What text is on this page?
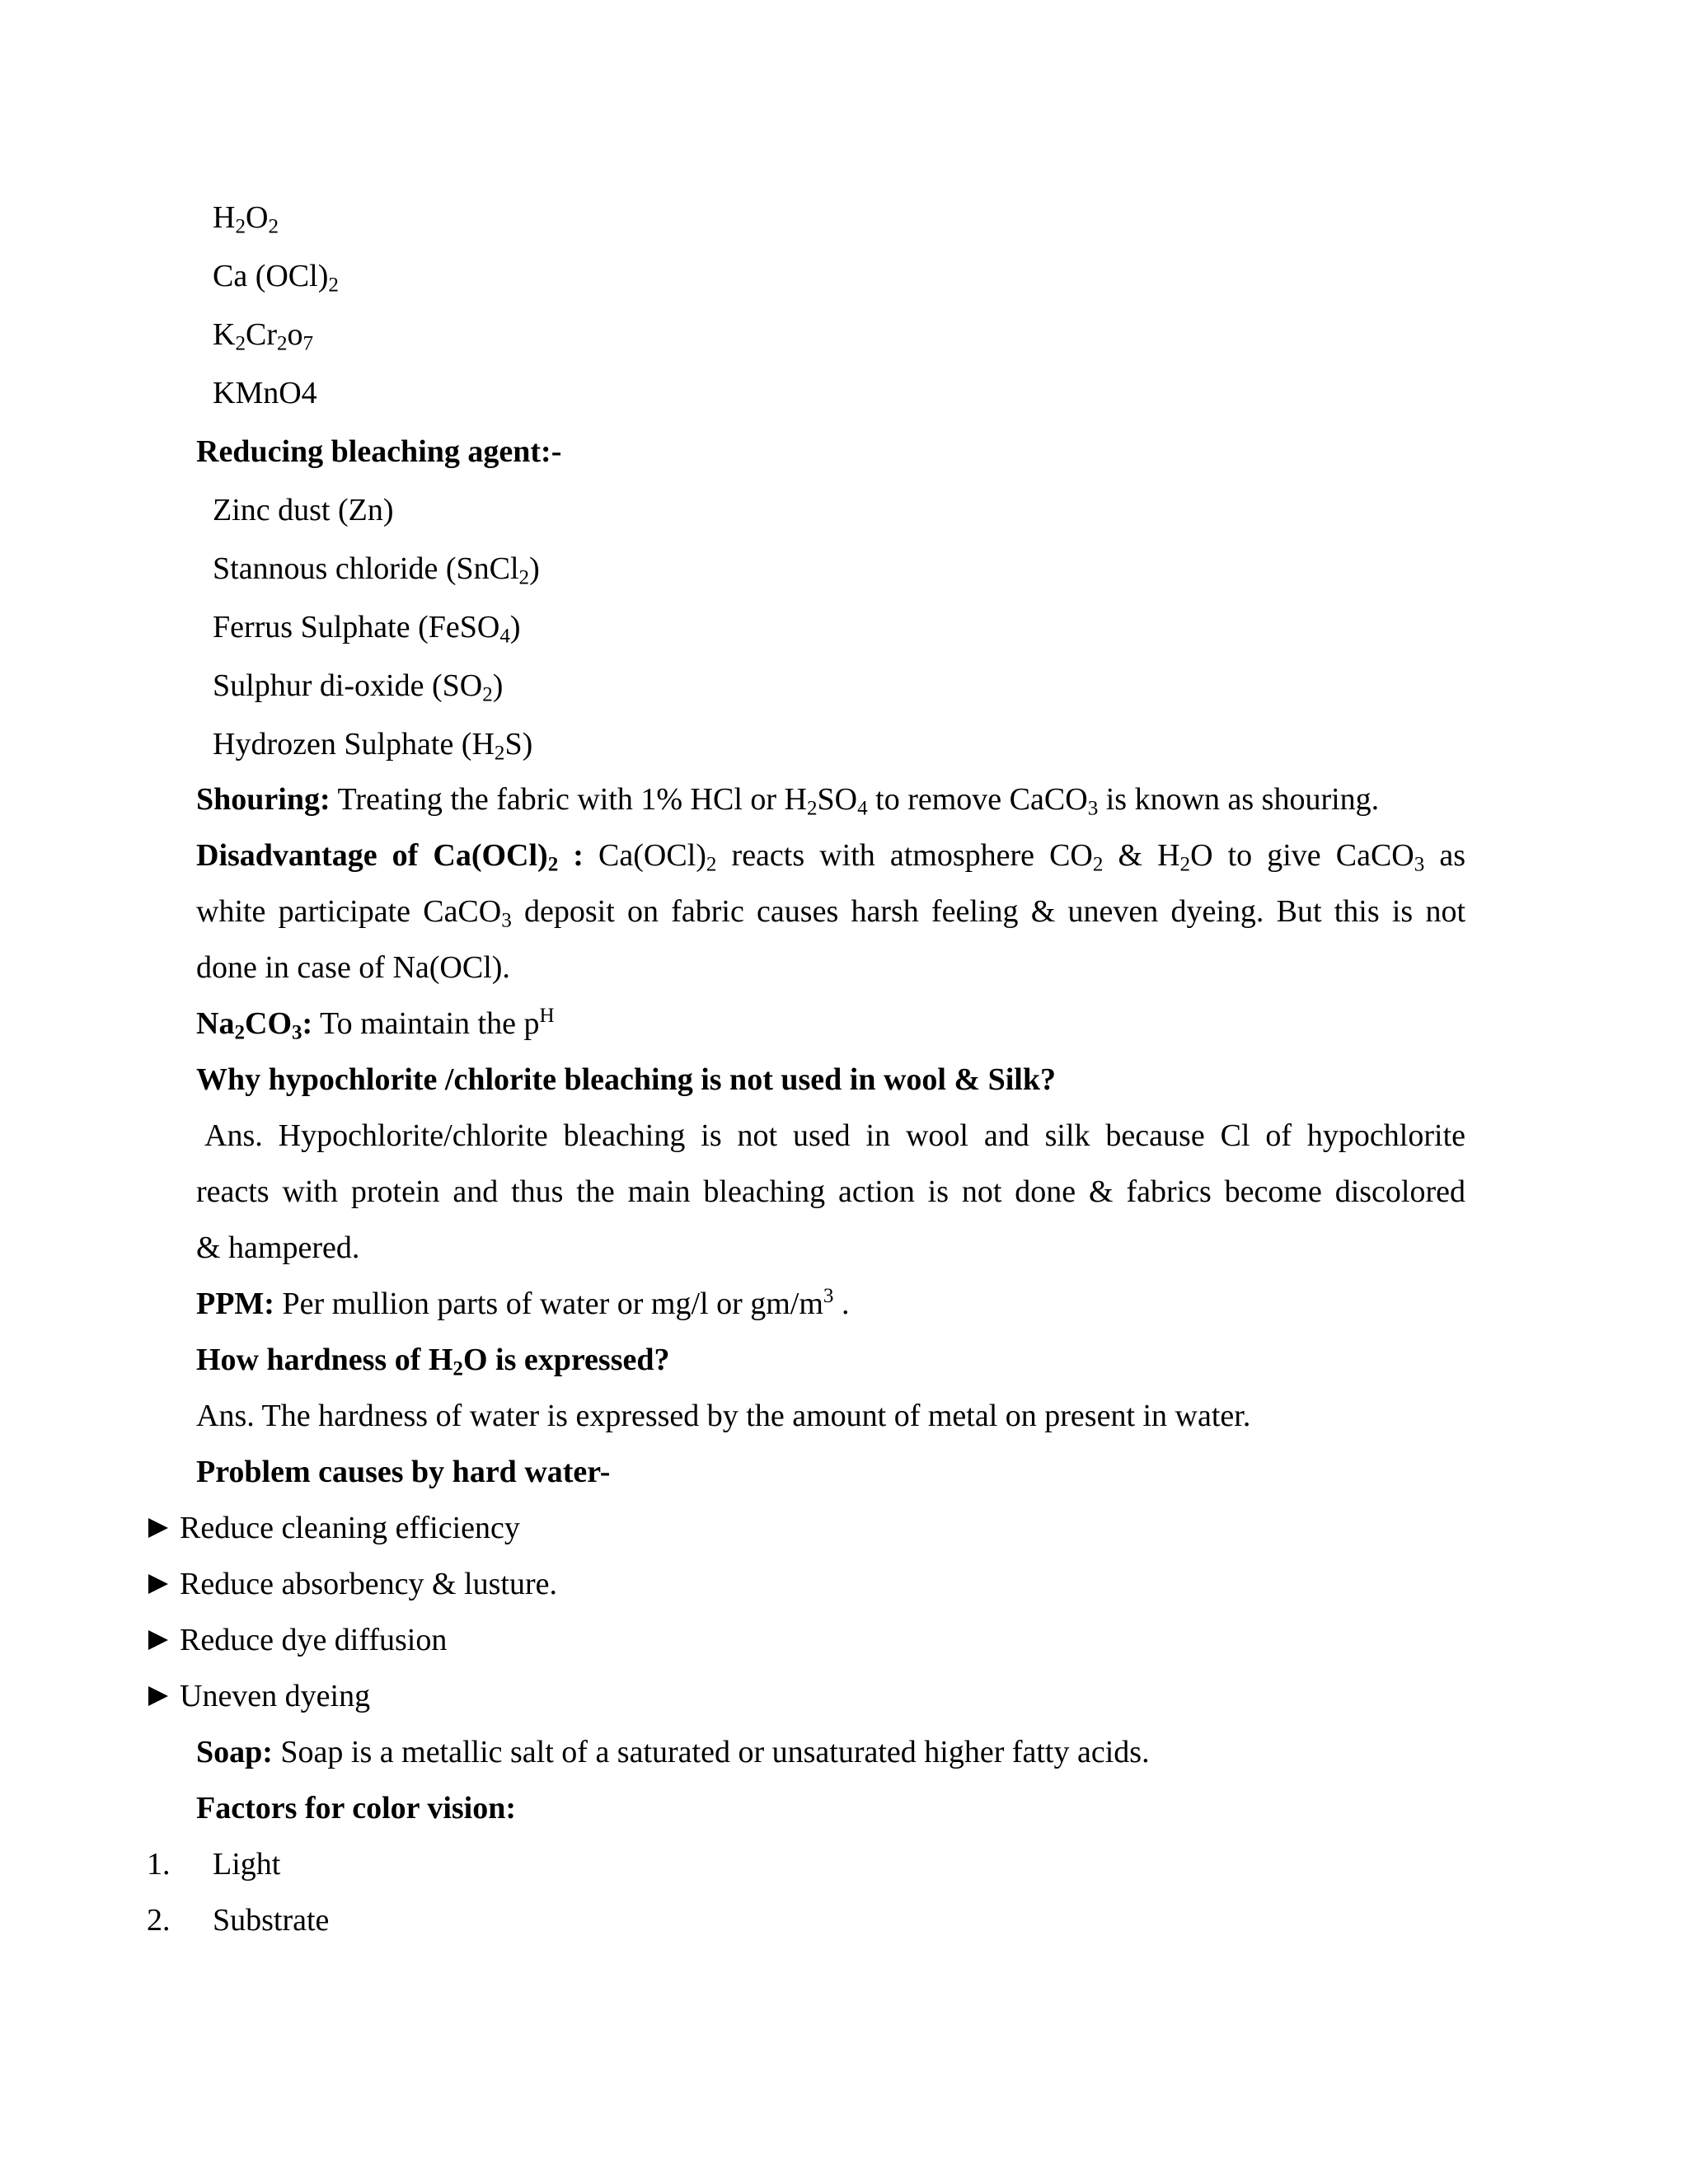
$H_2O_2$
Ca $(OCl)_2$
$K_2Cr_2o_7$
KMnO4
Reducing bleaching agent:-
Zinc dust (Zn)
Stannous chloride (SnCl$_2$)
Ferrus Sulphate (FeSO$_4$)
Sulphur di-oxide $(SO_2)$
Hydrozen Sulphate $(H_2S)$
Shouring: Treating the fabric with 1% HCl or $H_2SO_4$ to remove CaCO$_3$ is known as shouring.
Disadvantage of $Ca(OCl)_2$ : $Ca(OCl)_2$ reacts with atmosphere $CO_2$ & $H_2O$ to give CaCO$_3$ as
white participate CaCO$_3$ deposit on fabric causes harsh feeling & uneven dyeing. But this is not
done in case of Na(OCl).
$Na_2CO_3$: To maintain the $p^H$
Why hypochlorite /chlorite bleaching is not used in wool & Silk?
Ans. Hypochlorite/chlorite bleaching is not used in wool and silk because Cl of hypochlorite
reacts with protein and thus the main bleaching action is not done & fabrics become discolored
& hampered.
PPM: Per mullion parts of water or mg/l or $gm/m^3$ .
How hardness of $H_2O$ is expressed?
Ans. The hardness of water is expressed by the amount of metal on present in water.
Problem causes by hard water-
Reduce cleaning efficiency
Reduce absorbency & lusture.
Reduce dye diffusion
Uneven dyeing
Soap: Soap is a metallic salt of a saturated or unsaturated higher fatty acids.
Factors for color vision:
1. Light
2. Substrate
